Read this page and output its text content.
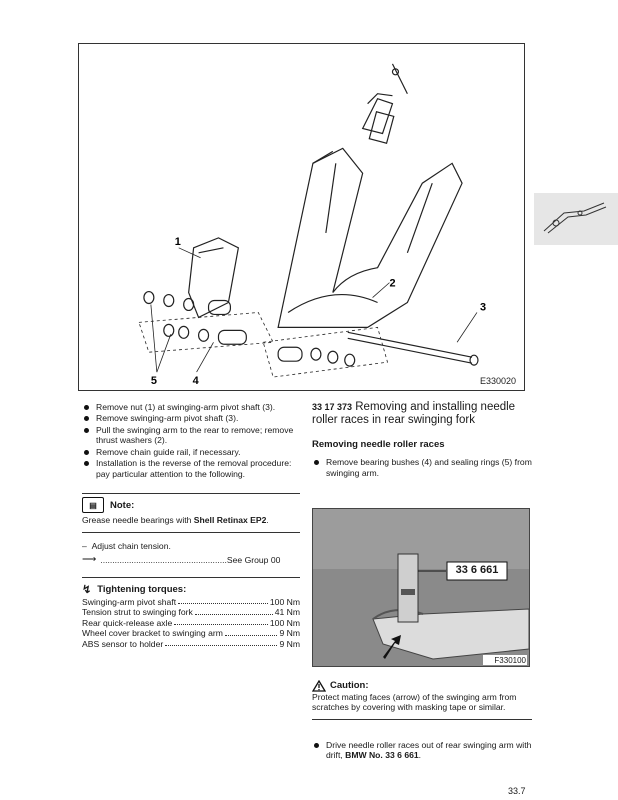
1
2
3
4
5	E330020
Remove nut (1) at swinging-arm pivot shaft (3).
Remove swinging-arm pivot shaft (3).
Pull the swinging arm to the rear to remove; remove thrust washers (2).
Remove chain guide rail, if necessary.
Installation is the reverse of the removal procedure: pay particular attention to the following.
▤	Note:
Grease needle bearings with Shell Retinax EP2.
–  Adjust chain tension.
⟶ .....................................................See Group 00
↯ Tightening torques:
Swinging-arm pivot shaft	100 Nm
Tension strut to swinging fork	41 Nm
Rear quick-release axle	100 Nm
Wheel cover bracket to swinging arm	9 Nm
ABS sensor to holder	9 Nm
33 17 373 Removing and installing needle roller races in rear swinging fork
Removing needle roller races
Remove bearing bushes (4) and sealing rings (5) from swinging arm.
33 6 661
F330100
Caution:
Protect mating faces (arrow) of the swinging arm from scratches by covering with masking tape or similar.
Drive needle roller races out of rear swinging arm with drift, BMW No. 33 6 661.
33.7
